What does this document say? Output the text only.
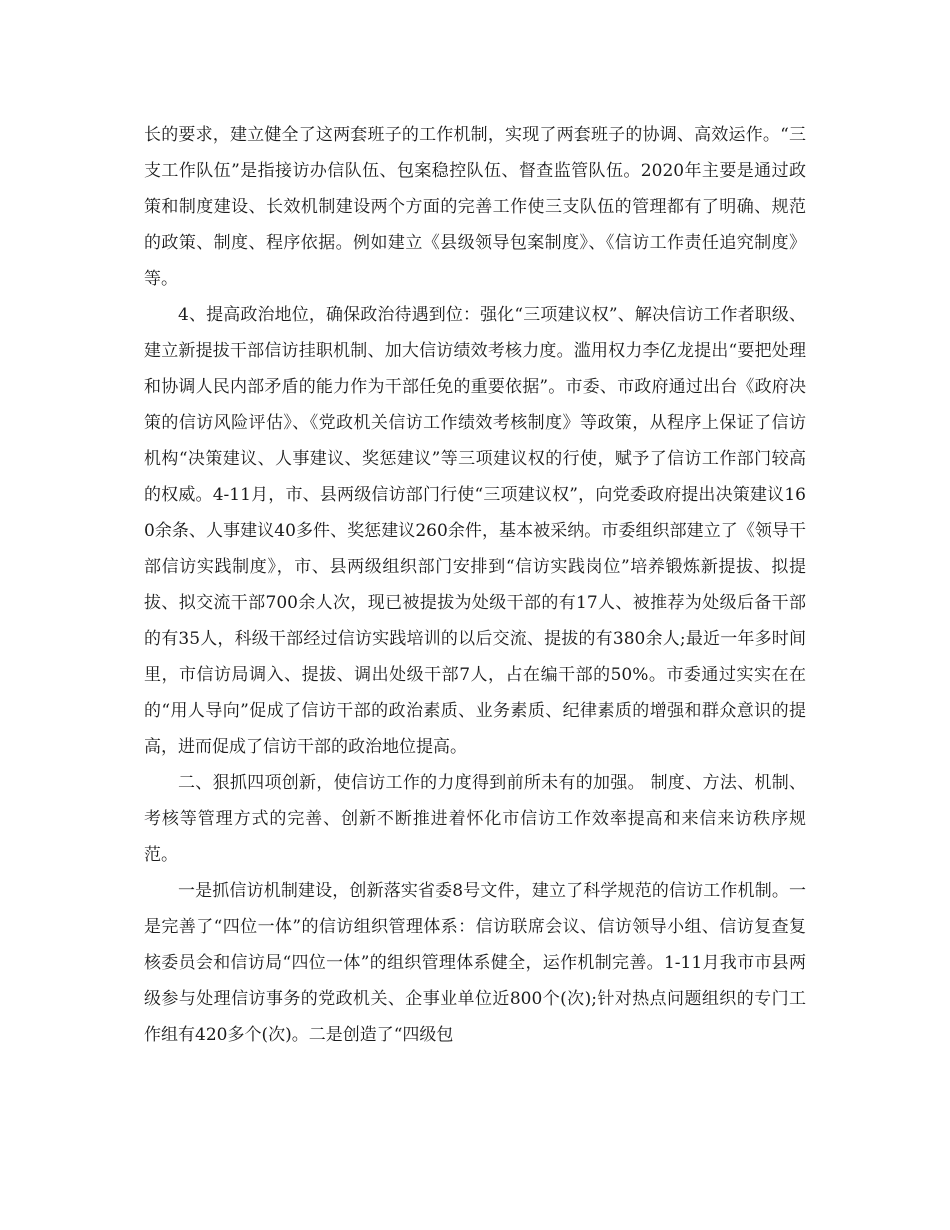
长的要求，建立健全了这两套班子的工作机制，实现了两套班子的协调、高效运作。“三支工作队伍”是指接访办信队伍、包案稳控队伍、督查监管队伍。2020年主要是通过政策和制度建设、长效机制建设两个方面的完善工作使三支队伍的管理都有了明确、规范的政策、制度、程序依据。例如建立《县级领导包案制度》、《信访工作责任追究制度》等。

4、提高政治地位，确保政治待遇到位：强化“三项建议权”、解决信访工作者职级、建立新提拔干部信访挂职机制、加大信访绩效考核力度。滥用权力李亿龙提出“要把处理和协调人民内部矛盾的能力作为干部任免的重要依据”。市委、市政府通过出台《政府决策的信访风险评估》、《党政机关信访工作绩效考核制度》等政策，从程序上保证了信访机构“决策建议、人事建议、奖惩建议”等三项建议权的行使，赋予了信访工作部门较高的权威。4-11月，市、县两级信访部门行使“三项建议权”，向党委政府提出决策建议160余条、人事建议40多件、奖惩建议260余件，基本被采纳。市委组织部建立了《领导干部信访实践制度》，市、县两级组织部门安排到“信访实践岗位”培养锻炼新提拔、拟提拔、拟交流干部700余人次，现已被提拔为处级干部的有17人、被推荐为处级后备干部的有35人，科级干部经过信访实践培训的以后交流、提拔的有380余人;最近一年多时间里，市信访局调入、提拔、调出处级干部7人，占在编干部的50%。市委通过实实在在的“用人导向”促成了信访干部的政治素质、业务素质、纪律素质的增强和群众意识的提高，进而促成了信访干部的政治地位提高。

二、狠抓四项创新，使信访工作的力度得到前所未有的加强。 制度、方法、机制、考核等管理方式的完善、创新不断推进着怀化市信访工作效率提高和来信来访秩序规范。

一是抓信访机制建设，创新落实省委8号文件，建立了科学规范的信访工作机制。一是完善了“四位一体”的信访组织管理体系：信访联席会议、信访领导小组、信访复查复核委员会和信访局“四位一体”的组织管理体系健全，运作机制完善。1-11月我市市县两级参与处理信访事务的党政机关、企事业单位近800个(次);针对热点问题组织的专门工作组有420多个(次)。二是创造了“四级包
